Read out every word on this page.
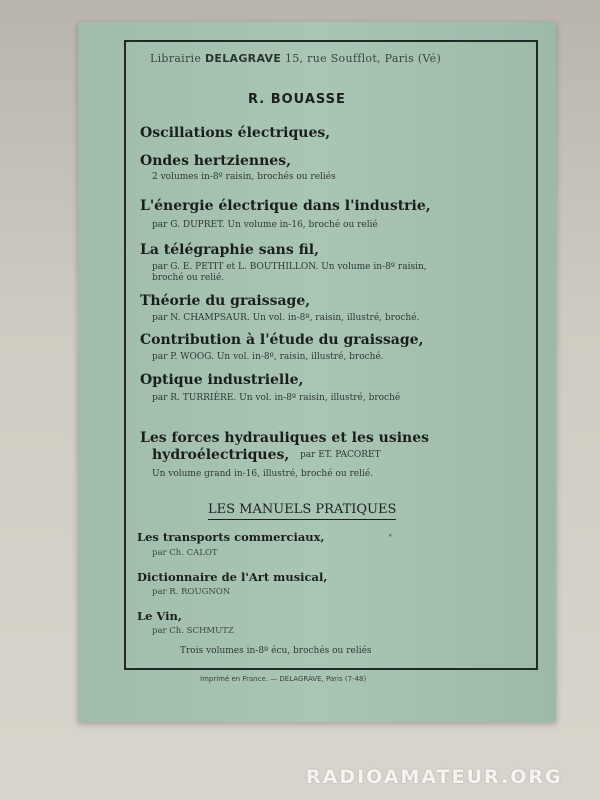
Librairie DELAGRAVE 15, rue Soufflot, Paris (Vé)
R. BOUASSE
Oscillations électriques,
Ondes hertziennes,
2 volumes in-8º raisin, brochés ou reliés
L'énergie électrique dans l'industrie,
par G. DUPRET. Un volume in-16, broché ou relié
La télégraphie sans fil,
par G. E. PETIT et L. BOUTHILLON. Un volume in-8º raisin,
broché ou relié.
Théorie du graissage,
par N. CHAMPSAUR. Un vol. in-8º, raisin, illustré, broché.
Contribution à l'étude du graissage,
par P. WOOG. Un vol. in-8º, raisin, illustré, broché.
Optique industrielle,
par R. TURRIÈRE. Un vol. in-8º raisin, illustré, broché
Les forces hydrauliques et les usines
hydroélectriques, par ET. PACORET
Un volume grand in-16, illustré, broché ou relié.
LES MANUELS PRATIQUES
Les transports commerciaux,
par Ch. CALOT
˄
Dictionnaire de l'Art musical,
par R. ROUGNON
Le Vin,
par Ch. SCHMUTZ
Trois volumes in-8º écu, brochés ou reliés
Imprimé en France. — DELAGRAVE, Paris (7-48)
RADIOAMATEUR.ORG
